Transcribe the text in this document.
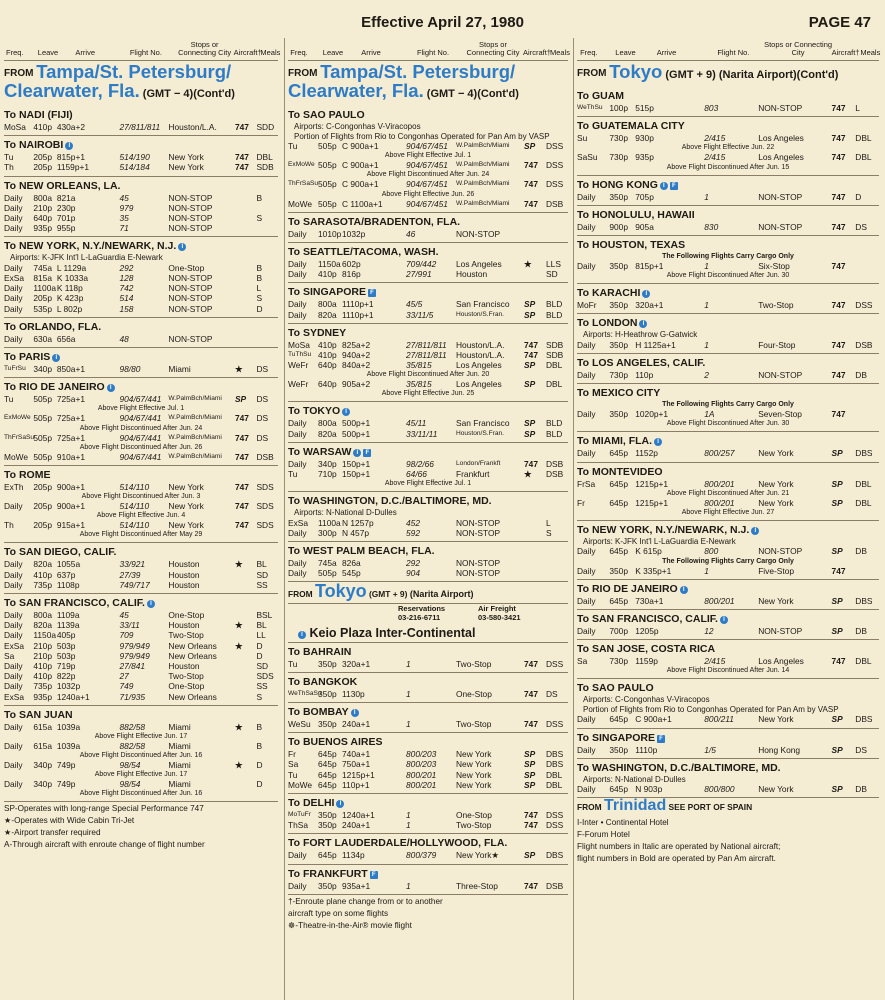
Effective April 27, 1980	PAGE 47
Freq.	Leave	Arrive	Flight No.
Stops or Connecting City Aircraft†
Meals Freq.	Leave	Arrive	Flight No.
Stops or Connecting City Aircraft† Meals	Freq.	Leave	Arrive	Flight No.
Stops or Connecting City	Aircraft† Meals
FROM Tampa/St. Petersburg/
Clearwater, Fla. (GMT − 4)(Cont'd)
To NADI (FIJI)
MoSa 410p 430a+2	27/811/811 Houston/L.A. 747 SDD
To NAIROBI I
Tu 205p 815p+1	514/190 New York	747 DBL
Th 205p 1159p+1	514/184 New York	747 SDB
To NEW ORLEANS, LA.
Daily 800a 821a	45	NON-STOP	B
Daily 210p 230p	979	NON-STOP
Daily 640p 701p	35	NON-STOP	S
Daily 935p 955p	71	NON-STOP
To NEW YORK, N.Y./NEWARK, N.J. I
Airports: K-JFK Int'l L-LaGuardia E-Newark
Daily 745a L 1129a	292	One-Stop	B
ExSa 815a K 1033a	128	NON-STOP	B
Daily 1100a K 118p	742	NON-STOP	L
Daily 205p K 423p	514	NON-STOP	S
Daily 535p L 802p	158	NON-STOP	D
To ORLANDO, FLA.
Daily 630a 656a	48	NON-STOP
To PARIS I
TuFrSu 340p 850a+1	98/80	Miami	★ DS
To RIO DE JANEIRO I
Tu 505p 725a+1	904/67/441 W.PalmBch/Miami SP DS
Above Flight Effective Jul. 1
ExMoWe 505p 725a+1	904/67/441 W.PalmBch/Miami 747 DS
Above Flight Discontinued After Jun. 24
ThFrSaSu 505p 725a+1	904/67/441 W.PalmBch/Miami 747 DS
Above Flight Discontinued After Jun. 26
MoWe 505p 910a+1	904/67/441 W.PalmBch/Miami 747 DSB
To ROME
ExTh 205p 900a+1	514/110 New York	747 SDS
Above Flight Discontinued After Jun. 3
Daily 205p 900a+1	514/110 New York	747 SDS
Above Flight Effective Jun. 4
Th 205p 915a+1	514/110 New York	747 SDS
Above Flight Discontinued After May 29
To SAN DIEGO, CALIF.
Daily 820a 1055a	33/921	Houston	★ BL
Daily 410p 637p	27/39	Houston	SD
Daily 735p 1108p	749/717 Houston	SS
To SAN FRANCISCO, CALIF. I
Daily 800a 1109a	45	One-Stop	BSL
Daily 820a 1139a	33/11	Houston	★ BL
Daily 1150a 405p	709	Two-Stop	LL
ExSa 210p 503p	979/949 New Orleans ★ D
Sa 210p 503p	979/949 New Orleans	D
Daily 410p 719p	27/841	Houston	SD
Daily 410p 822p	27	Two-Stop	SDS
Daily 735p 1032p	749	One-Stop	SS
ExSa 935p 1240a+1	71/935	New Orleans	S
To SAN JUAN
Daily 615a 1039a	882/58	Miami	★ B
Above Flight Effective Jun. 17
Daily 615a 1039a	882/58	Miami	B
Above Flight Discontinued After Jun. 16
Daily 340p 749p	98/54	Miami	★ D
Above Flight Effective Jun. 17
Daily 340p 749p	98/54	Miami	D
Above Flight Discontinued After Jun. 16
SP-Operates with long-range Special Performance 747
★-Operates with Wide Cabin Tri-Jet
★-Airport transfer required
A-Through aircraft with enroute change of flight number
FROM Tampa/St. Petersburg/
Clearwater, Fla. (GMT − 4)(Cont'd)
To SAO PAULO
Airports: C-Congonhas V-Viracopos
Portion of Flights from Rio to Congonhas Operated for Pan Am by VASP
Tu 505p C 900a+1	904/67/451 W.PalmBch/Miami SP DSS
Above Flight Effective Jul. 1
ExMoWe 505p C 900a+1	904/67/451 W.PalmBch/Miami 747 DSS
Above Flight Discontinued After Jun. 24
ThFrSaSu 505p C 900a+1	904/67/451 W.PalmBch/Miami 747 DSS
Above Flight Effective Jun. 26
MoWe 505p C 1100a+1	904/67/451 W.PalmBch/Miami 747 DSB
To SARASOTA/BRADENTON, FLA.
Daily 1010p 1032p	46	NON-STOP
To SEATTLE/TACOMA, WASH.
Daily 1150a 602p	709/442 Los Angeles	★ LLS
Daily 410p 816p	27/991	Houston	SD
To SINGAPORE F
Daily 800a 1110p+1	45/5	San Francisco SP BLD
Daily 820a 1110p+1	33/11/5	Houston/S.Fran. SP BLD
To SYDNEY
MoSa 410p 825a+2	27/811/811 Houston/L.A. 747 SDB
TuThSu 410p 940a+2	27/811/811 Houston/L.A. 747 SDB
WeFr 640p 840a+2	35/815	Los Angeles	SP DBL
Above Flight Discontinued After Jun. 20
WeFr 640p 905a+2	35/815	Los Angeles	SP DBL
Above Flight Effective Jun. 25
To TOKYO I
Daily 800a 500p+1	45/11	San Francisco SP BLD
Daily 820a 500p+1	33/11/11	Houston/S.Fran. SP BLD
To WARSAW I F
Daily 340p 150p+1	98/2/66	London/Frankft	747 DSB
Tu 710p 150p+1	64/66	Frankfurt	★ DSB
Above Flight Effective Jul. 1
To WASHINGTON, D.C./BALTIMORE, MD.
Airports: N-National D-Dulles
ExSa 1100a N 1257p	452	NON-STOP	L
Daily 300p N 457p	592	NON-STOP	S
To WEST PALM BEACH, FLA.
Daily 745a 826a	292	NON-STOP
Daily 505p 545p	904	NON-STOP
FROM Tokyo (GMT + 9) (Narita Airport)
Reservations
03-216-6711
Air Freight
03-580-3421
I Keio Plaza Inter-Continental
To BAHRAIN
Tu 350p 320a+1	1	Two-Stop	747 DSS
To BANGKOK
WeThSaSu
350p 1130p	1	One-Stop	747 DS
To BOMBAY I
WeSu 350p 240a+1	1	Two-Stop	747 DSS
To BUENOS AIRES
Fr	645p 740a+1	800/203 New York	SP DBS
Sa 645p 750a+1	800/203 New York	SP DBS
Tu 645p 1215p+1	800/201 New York	SP DBL
MoWe 645p 110p+1	800/201 New York	SP DBL
To DELHI I
MoTuFr 350p 1240a+1	1	One-Stop	747 DSS
ThSa 350p 240a+1	1	Two-Stop	747 DSS
To FORT LAUDERDALE/HOLLYWOOD, FLA.
Daily 645p 1134p	800/379 New York★	SP DBS
To FRANKFURT F
Daily 350p 935a+1	1	Three-Stop	747 DSB
†-Enroute plane change from or to another
aircraft type on some flights
☸-Theatre-in-the-Air® movie flight
FROM Tokyo (GMT + 9) (Narita Airport)(Cont'd)
To GUAM
WeThSu 100p 515p	803	NON-STOP	747 L
To GUATEMALA CITY
Su	730p 930p	2/415	Los Angeles	747 DBL
Above Flight Effective Jun. 22
SaSu 730p 935p	2/415	Los Angeles	747 DBL
Above Flight Discontinued After Jun. 15
To HONG KONG I F
Daily 350p 705p	1	NON-STOP	747 D
To HONOLULU, HAWAII
Daily 900p 905a	830	NON-STOP	747 DS
To HOUSTON, TEXAS
The Following Flights Carry Cargo Only
Daily 350p 815p+1	1	Six-Stop	747
Above Flight Discontinued After Jun. 30
To KARACHI I
MoFr 350p 320a+1	1	Two-Stop	747 DSS
To LONDON I
Airports: H-Heathrow G-Gatwick
Daily 350p H 1125a+1	1	Four-Stop	747 DSB
To LOS ANGELES, CALIF.
Daily 730p 110p	2	NON-STOP	747 DB
To MEXICO CITY
The Following Flights Carry Cargo Only
Daily 350p 1020p+1	1A	Seven-Stop	747
Above Flight Discontinued After Jun. 30
To MIAMI, FLA. I
Daily 645p 1152p	800/257	New York	SP DBS
To MONTEVIDEO
FrSa 645p 1215p+1	800/201	New York	SP DBL
Above Flight Discontinued After Jun. 21
Fr	645p 1215p+1	800/201	New York	SP DBL
Above Flight Effective Jun. 27
To NEW YORK, N.Y./NEWARK, N.J. I
Airports: K-JFK Int'l L-LaGuardia E-Newark
Daily 645p K 615p	800	NON-STOP	SP DB
The Following Flights Carry Cargo Only
Daily 350p K 335p+1	1	Five-Stop	747
To RIO DE JANEIRO I
Daily 645p 730a+1	800/201	New York	SP DBS
To SAN FRANCISCO, CALIF. I
Daily 700p 1205p	12	NON-STOP	SP DB
To SAN JOSE, COSTA RICA
Sa	730p 1159p	2/415	Los Angeles	747 DBL
Above Flight Discontinued After Jun. 14
To SAO PAULO
Airports: C-Congonhas V-Viracopos
Portion of Flights from Rio to Congonhas Operated for Pan Am by VASP
Daily 645p C 900a+1	800/211	New York	SP DBS
To SINGAPORE F
Daily 350p 1110p	1/5	Hong Kong	SP DS
To WASHINGTON, D.C./BALTIMORE, MD.
Airports: N-National D-Dulles
Daily 645p N 903p	800/800	New York	SP DB
FROM Trinidad SEE PORT OF SPAIN
I-Inter • Continental Hotel
F-Forum Hotel
Flight numbers in Italic are operated by National aircraft;
flight numbers in Bold are operated by Pan Am aircraft.
